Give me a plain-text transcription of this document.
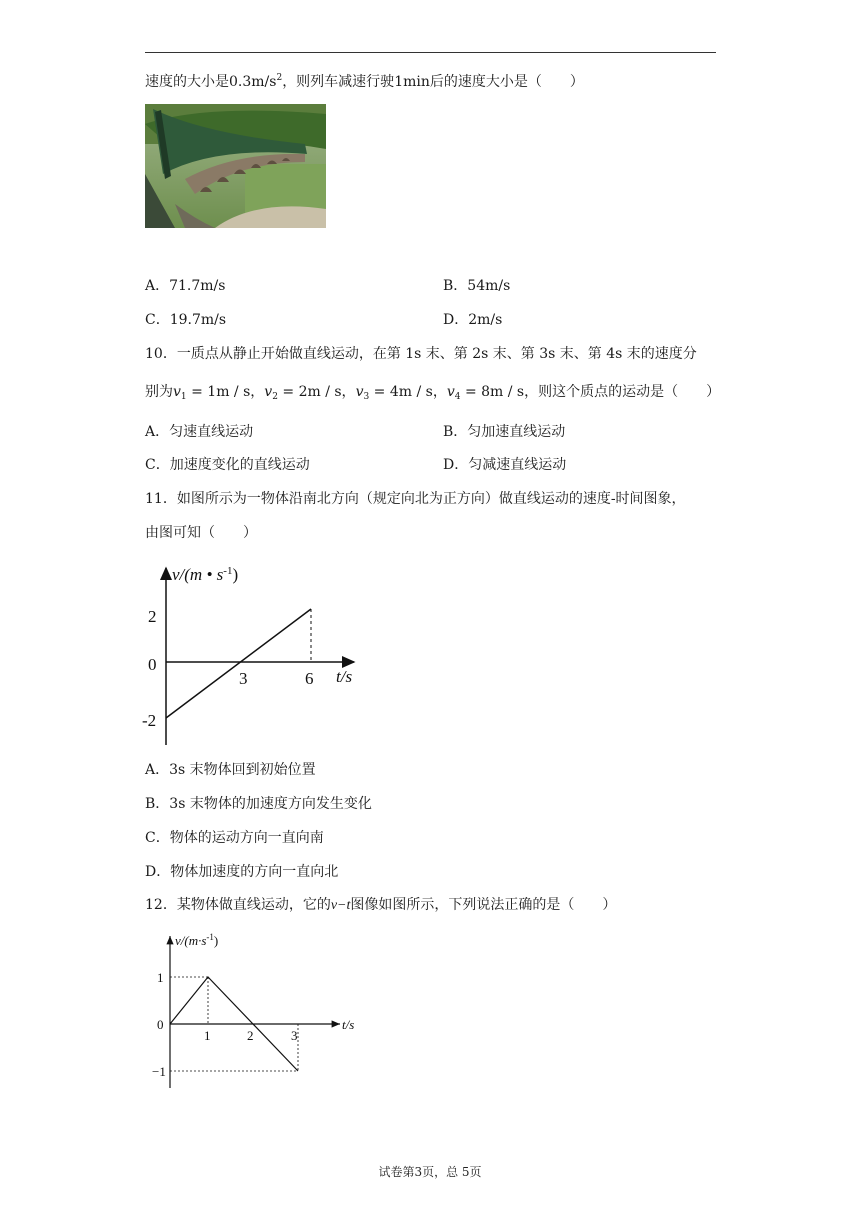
速度的大小是$0.3m/s^2$，则列车减速行驶1min后的速度大小是（　　）
A．71.7m/s	B．54m/s
C．19.7m/s	D．2m/s
10．一质点从静止开始做直线运动，在第 1s 末、第 2s 末、第 3s 末、第 4s 末的速度分
别为$v_1 = 1m / s$，$v_2 = 2m / s$，$v_3 = 4m / s$，$v_4 = 8m / s$，则这个质点的运动是（　　）
A．匀速直线运动	B．匀加速直线运动
C．加速度变化的直线运动	D．匀减速直线运动
11．如图所示为一物体沿南北方向（规定向北为正方向）做直线运动的速度-时间图象，
由图可知（　　）
v/(m • $s^{-1}$)
t/s
2
0
-2
3	6
A．3s 末物体回到初始位置
B．3s 末物体的加速度方向发生变化
C．物体的运动方向一直向南
D．物体加速度的方向一直向北
12．某物体做直线运动，它的v−t图像如图所示，下列说法正确的是（　　）
$v/(m\cdot s^{-1})$
t/s
1
0
−1
1	2	3
试卷第3页，总 5页
